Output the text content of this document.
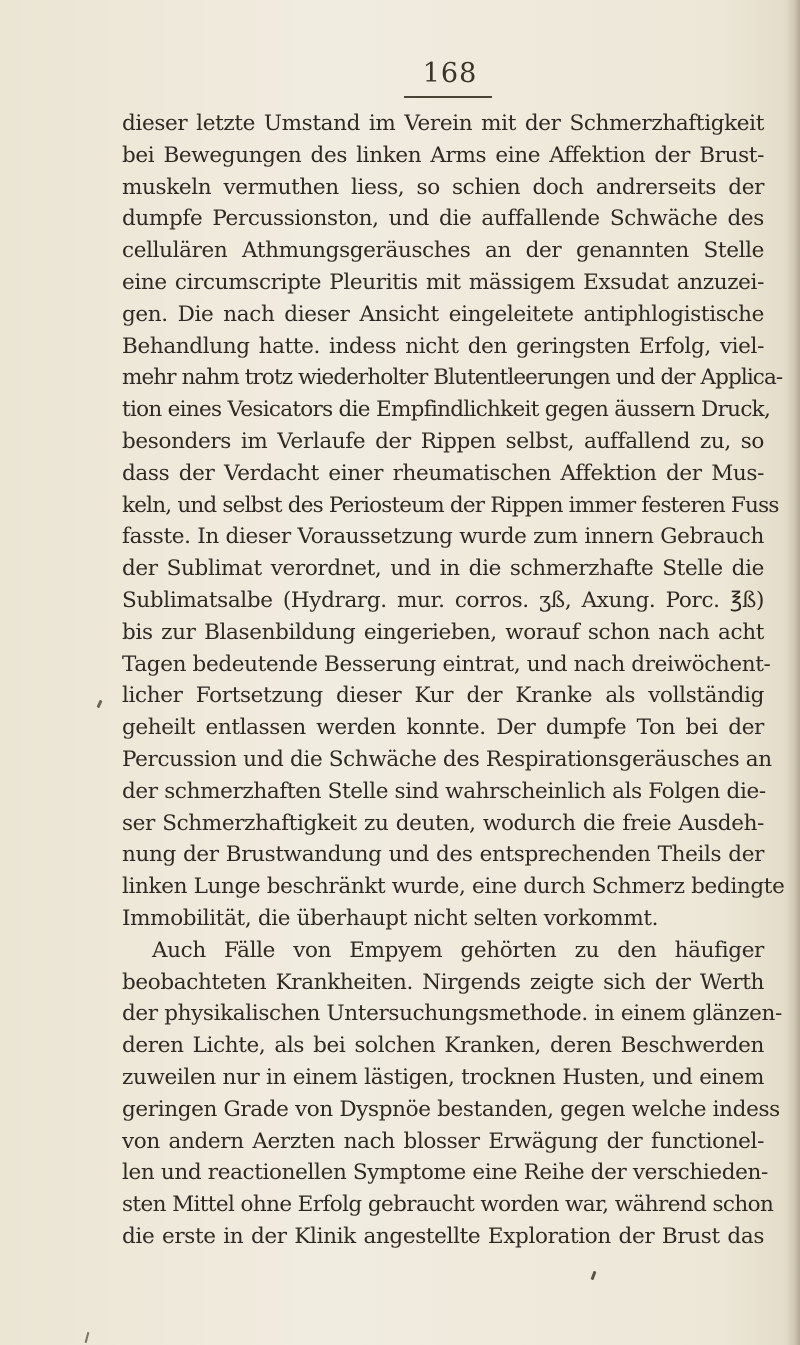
168
dieser letzte Umstand im Verein mit der Schmerzhaftigkeit
bei Bewegungen des linken Arms eine Affektion der Brust-
muskeln vermuthen liess, so schien doch andrerseits der
dumpfe Percussionston, und die auffallende Schwäche des
cellulären Athmungsgeräusches an der genannten Stelle
eine circumscripte Pleuritis mit mässigem Exsudat anzuzei-
gen. Die nach dieser Ansicht eingeleitete antiphlogistische
Behandlung hatte. indess nicht den geringsten Erfolg, viel-
mehr nahm trotz wiederholter Blutentleerungen und der Applica-
tion eines Vesicators die Empfindlichkeit gegen äussern Druck,
besonders im Verlaufe der Rippen selbst, auffallend zu, so
dass der Verdacht einer rheumatischen Affektion der Mus-
keln, und selbst des Periosteum der Rippen immer festeren Fuss
fasste. In dieser Voraussetzung wurde zum innern Gebrauch
der Sublimat verordnet, und in die schmerzhafte Stelle die
Sublimatsalbe (Hydrarg. mur. corros. ʒß, Axung. Porc. ℥ß)
bis zur Blasenbildung eingerieben, worauf schon nach acht
Tagen bedeutende Besserung eintrat, und nach dreiwöchent-
licher Fortsetzung dieser Kur der Kranke als vollständig
geheilt entlassen werden konnte. Der dumpfe Ton bei der
Percussion und die Schwäche des Respirationsgeräusches an
der schmerzhaften Stelle sind wahrscheinlich als Folgen die-
ser Schmerzhaftigkeit zu deuten, wodurch die freie Ausdeh-
nung der Brustwandung und des entsprechenden Theils der
linken Lunge beschränkt wurde, eine durch Schmerz bedingte
Immobilität, die überhaupt nicht selten vorkommt.
Auch Fälle von Empyem gehörten zu den häufiger
beobachteten Krankheiten. Nirgends zeigte sich der Werth
der physikalischen Untersuchungsmethode. in einem glänzen-
deren Lichte, als bei solchen Kranken, deren Beschwerden
zuweilen nur in einem lästigen, trocknen Husten, und einem
geringen Grade von Dyspnöe bestanden, gegen welche indess
von andern Aerzten nach blosser Erwägung der functionel-
len und reactionellen Symptome eine Reihe der verschieden-
sten Mittel ohne Erfolg gebraucht worden war, während schon
die erste in der Klinik angestellte Exploration der Brust das
